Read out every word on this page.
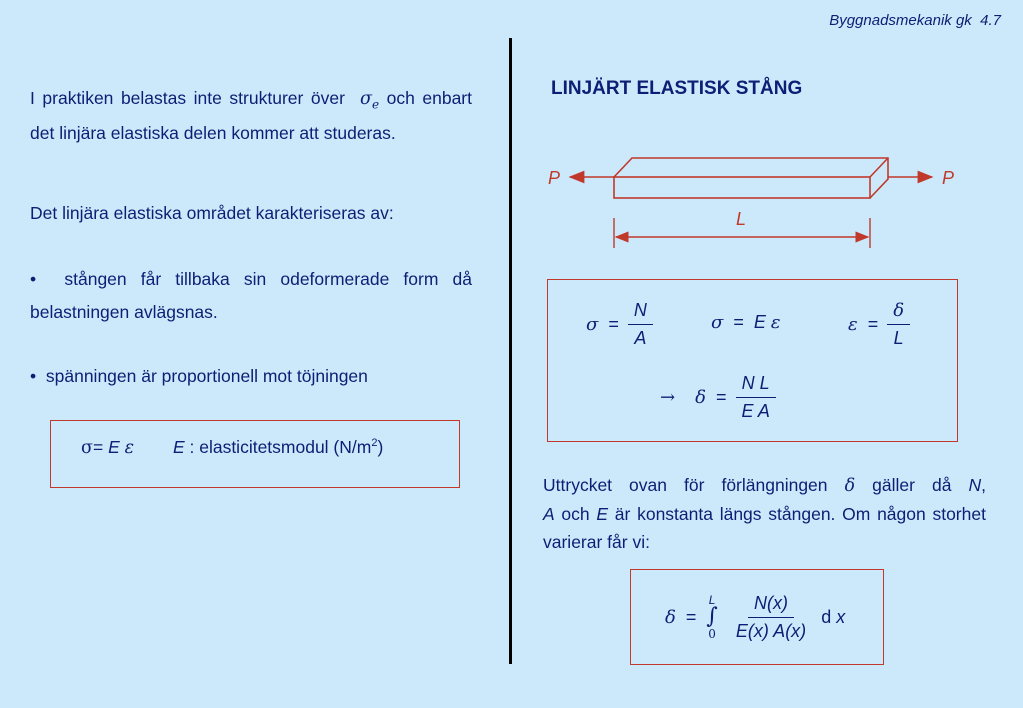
Byggnadsmekanik gk 4.7
I praktiken belastas inte strukturer över $\sigma_e$ och enbart det linjära elastiska delen kommer att studeras.
Det linjära elastiska området karakteriseras av:
• stången får tillbaka sin odeformerade form då belastningen avlägsnas.
• spänningen är proportionell mot töjningen
σ= E ε E : elasticitetsmodul $(N/m^2)$
LINJÄRT ELASTISK STÅNG
P	P
L
σ
=
$\frac{N}{A}$	σ
=
E
ε	ε
=
$\frac{\delta}{L}$
→
δ
=
$\frac{\text{N L}}{\text{E A}}$
Uttrycket ovan för förlängningen δ gäller då N, A och E är konstanta längs stången. Om någon storhet varierar får vi:
δ
=

L
∫
$0 \frac{N(x)}{E(x) A(x)}$
d
x
